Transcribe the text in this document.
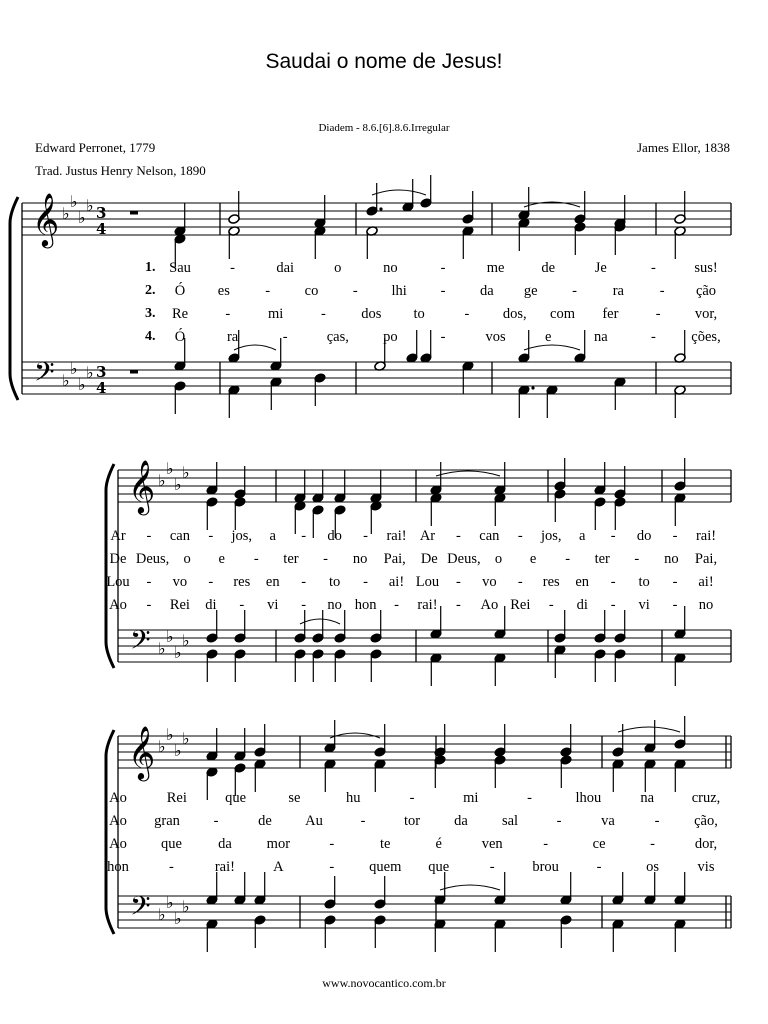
Saudai o nome de Jesus!
Diadem - 8.6.[6].8.6.Irregular
Edward Perronet, 1779
Trad. Justus Henry Nelson, 1890
James Ellor, 1838
𝄞
𝄢
♭
♭
♭
♭
♭
♭
♭
♭
3
4
3
4
𝄞
𝄢
♭
♭
♭
♭
♭
♭
♭
♭
𝄞
𝄢
♭
♭
♭
♭
♭
♭
♭
♭
1. Sau	-	dai	o	no	-	me	de	Je	-	sus!
2. Ó es - co - lhi - da ge - ra - ção
3. Re	-	mi	- dos to	- dos, com fer	- vor,
4. Ó	ra	-	ças, po	-	vos	e	na	- ções,
Ar - can - jos, a - do - rai! Ar - can - jos, a - do - rai!
De Deus, o e - ter - no Pai, De Deus, o e - ter - no Pai,
Lou - vo - res en - to - ai! Lou - vo - res en - to - ai!
Ao - Rei di - vi - no hon - rai! - Ao Rei - di - vi - no
Ao	Rei	que	se	hu	-	mi	-	lhou	na	cruz,
Ao gran -	de Au	-	tor da sal	-	va	- ção,
Ao que da mor	-	te	é	ven	-	ce	-	dor,
hon	-	rai!	A	- quem que	-	brou	-	os	vis
www.novocantico.com.br
